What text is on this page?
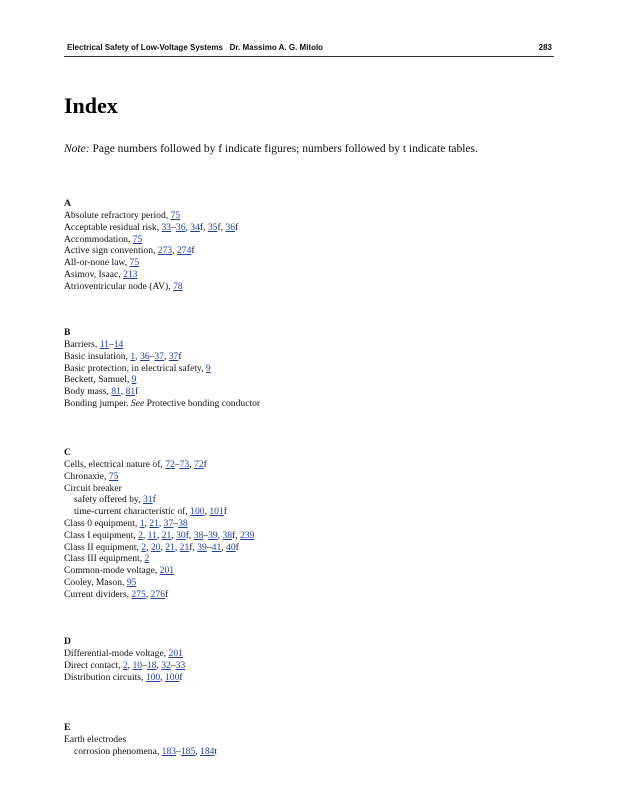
Electrical Safety of Low-Voltage Systems Dr. Massimo A. G. Mitolo	283
Index
Note: Page numbers followed by f indicate figures; numbers followed by t indicate tables.
A
Absolute refractory period, 75
Acceptable residual risk, 33–36, 34f, 35f, 36f
Accommodation, 75
Active sign convention, 273, 274f
All-or-none law, 75
Asimov, Isaac, 213
Atrioventricular node (AV), 78
B
Barriers, 11–14
Basic insulation, 1, 36–37, 37f
Basic protection, in electrical safety, 9
Beckett, Samuel, 9
Body mass, 81, 81f
Bonding jumper. See Protective bonding conductor
C
Cells, electrical nature of, 72–73, 72f
Chronaxie, 75
Circuit breaker
safety offered by, 31f
time-current characteristic of, 100, 101f
Class 0 equipment, 1, 21, 37–38
Class I equipment, 2, 11, 21, 30f, 38–39, 38f, 239
Class II equipment, 2, 20, 21, 21f, 39–41, 40f
Class III equipment, 2
Common-mode voltage, 201
Cooley, Mason, 95
Current dividers, 275, 276f
D
Differential-mode voltage, 201
Direct contact, 2, 10–18, 32–33
Distribution circuits, 100, 100f
E
Earth electrodes
corrosion phenomena, 183–185, 184t
